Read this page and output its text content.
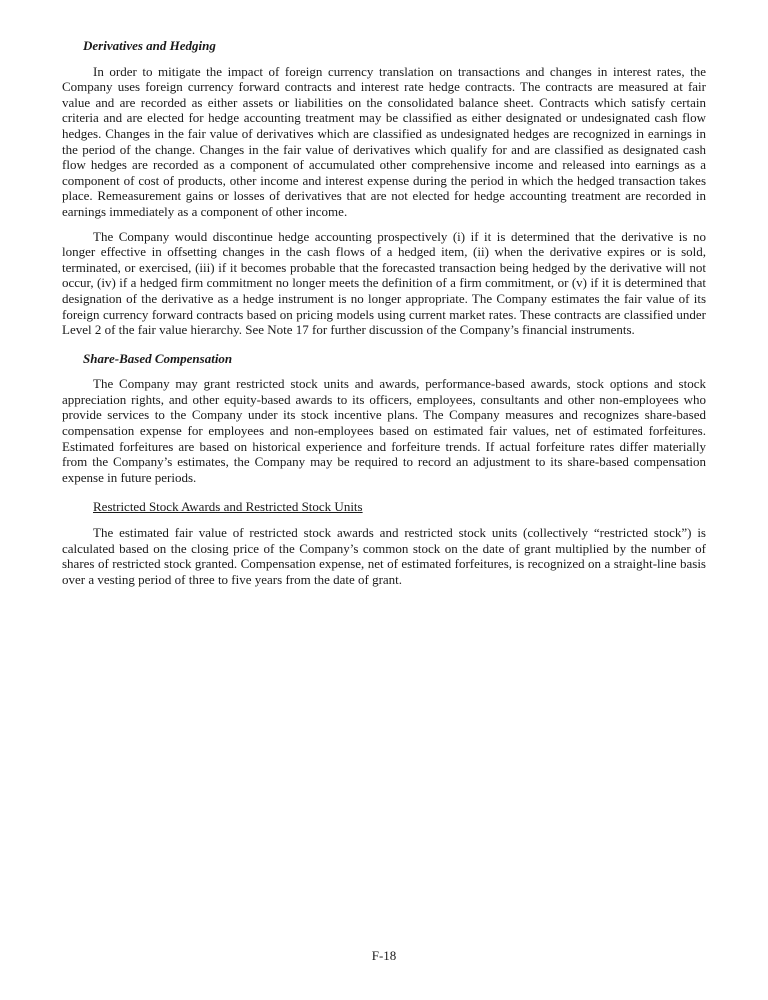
Derivatives and Hedging

In order to mitigate the impact of foreign currency translation on transactions and changes in interest rates, the Company uses foreign currency forward contracts and interest rate hedge contracts. The contracts are measured at fair value and are recorded as either assets or liabilities on the consolidated balance sheet. Contracts which satisfy certain criteria and are elected for hedge accounting treatment may be classified as either designated or undesignated cash flow hedges. Changes in the fair value of derivatives which are classified as undesignated hedges are recognized in earnings in the period of the change. Changes in the fair value of derivatives which qualify for and are classified as designated cash flow hedges are recorded as a component of accumulated other comprehensive income and released into earnings as a component of cost of products, other income and interest expense during the period in which the hedged transaction takes place. Remeasurement gains or losses of derivatives that are not elected for hedge accounting treatment are recorded in earnings immediately as a component of other income.

The Company would discontinue hedge accounting prospectively (i) if it is determined that the derivative is no longer effective in offsetting changes in the cash flows of a hedged item, (ii) when the derivative expires or is sold, terminated, or exercised, (iii) if it becomes probable that the forecasted transaction being hedged by the derivative will not occur, (iv) if a hedged firm commitment no longer meets the definition of a firm commitment, or (v) if it is determined that designation of the derivative as a hedge instrument is no longer appropriate. The Company estimates the fair value of its foreign currency forward contracts based on pricing models using current market rates. These contracts are classified under Level 2 of the fair value hierarchy. See Note 17 for further discussion of the Company’s financial instruments.

Share-Based Compensation

The Company may grant restricted stock units and awards, performance-based awards, stock options and stock appreciation rights, and other equity-based awards to its officers, employees, consultants and other non-employees who provide services to the Company under its stock incentive plans. The Company measures and recognizes share-based compensation expense for employees and non-employees based on estimated fair values, net of estimated forfeitures. Estimated forfeitures are based on historical experience and forfeiture trends. If actual forfeiture rates differ materially from the Company’s estimates, the Company may be required to record an adjustment to its share-based compensation expense in future periods.

Restricted Stock Awards and Restricted Stock Units

The estimated fair value of restricted stock awards and restricted stock units (collectively “restricted stock”) is calculated based on the closing price of the Company’s common stock on the date of grant multiplied by the number of shares of restricted stock granted. Compensation expense, net of estimated forfeitures, is recognized on a straight-line basis over a vesting period of three to five years from the date of grant.

F-18
